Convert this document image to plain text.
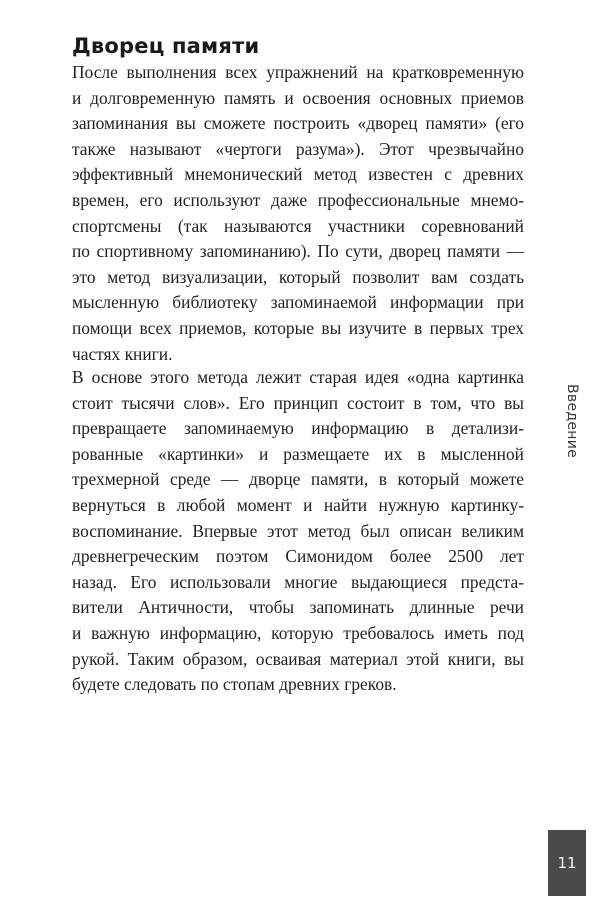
Дворец памяти
После выполнения всех упражнений на кратковременную
и долговременную память и освоения основных приемов
запоминания вы сможете построить «дворец памяти» (его
также называют «чертоги разума»). Этот чрезвычайно
эффективный мнемонический метод известен с древних
времен, его используют даже профессиональные мнемо-
спортсмены (так называются участники соревнований
по спортивному запоминанию). По сути, дворец памяти —
это метод визуализации, который позволит вам создать
мысленную библиотеку запоминаемой информации при
помощи всех приемов, которые вы изучите в первых трех
частях книги.
В основе этого метода лежит старая идея «одна картинка
стоит тысячи слов». Его принцип состоит в том, что вы
превращаете запоминаемую информацию в детализи-
рованные «картинки» и размещаете их в мысленной
трехмерной среде — дворце памяти, в который можете
вернуться в любой момент и найти нужную картинку-
воспоминание. Впервые этот метод был описан великим
древнегреческим поэтом Симонидом более 2500 лет
назад. Его использовали многие выдающиеся предста-
вители Античности, чтобы запоминать длинные речи
и важную информацию, которую требовалось иметь под
рукой. Таким образом, осваивая материал этой книги, вы
будете следовать по стопам древних греков.
Введение
11
